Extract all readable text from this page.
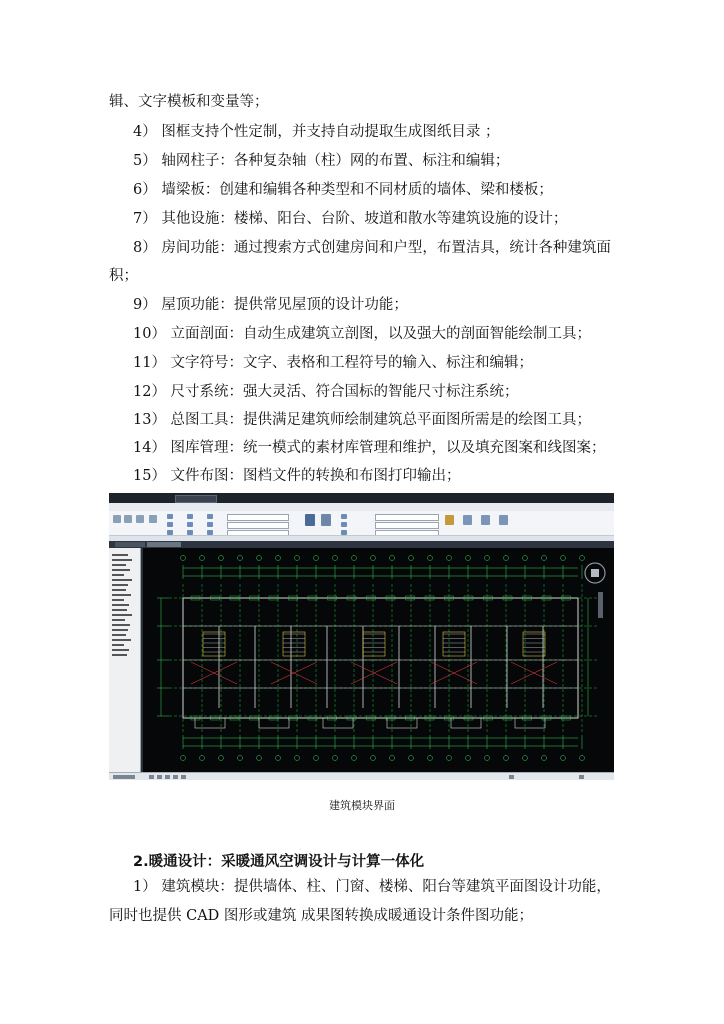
辑、文字模板和变量等；
4） 图框支持个性定制，并支持自动提取生成图纸目录 ；
5） 轴网柱子：各种复杂轴（柱）网的布置、标注和编辑；
6） 墙梁板：创建和编辑各种类型和不同材质的墙体、梁和楼板；
7） 其他设施：楼梯、阳台、台阶、坡道和散水等建筑设施的设计；
8） 房间功能：通过搜索方式创建房间和户型，布置洁具，统计各种建筑面
积；
9） 屋顶功能：提供常见屋顶的设计功能；
10） 立面剖面：自动生成建筑立剖图，以及强大的剖面智能绘制工具；
11） 文字符号：文字、表格和工程符号的输入、标注和编辑；
12） 尺寸系统：强大灵活、符合国标的智能尺寸标注系统；
13） 总图工具：提供满足建筑师绘制建筑总平面图所需是的绘图工具；
14） 图库管理：统一模式的素材库管理和维护，以及填充图案和线图案；
15） 文件布图：图档文件的转换和布图打印输出；
建筑模块界面
2.暖通设计：采暖通风空调设计与计算一体化
1） 建筑模块：提供墙体、柱、门窗、楼梯、阳台等建筑平面图设计功能，
同时也提供 CAD 图形或建筑 成果图转换成暖通设计条件图功能；
